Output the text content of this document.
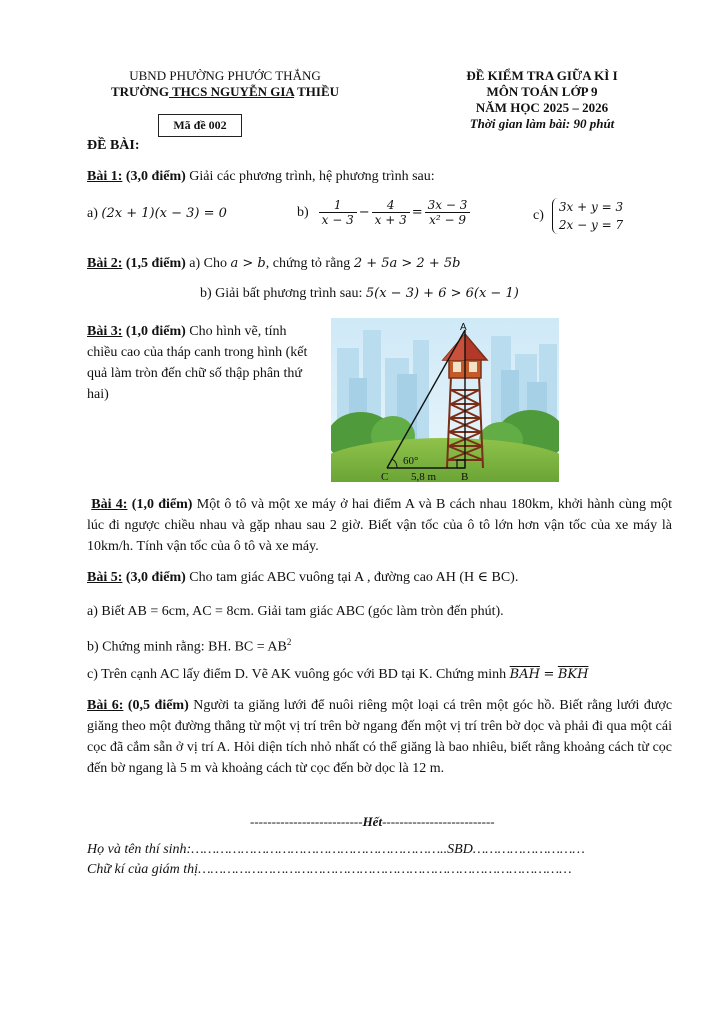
UBND PHƯỜNG PHƯỚC THẮNG
TRƯỜNG THCS NGUYỄN GIA THIỀU
ĐỀ KIỂM TRA GIỮA KÌ I
MÔN TOÁN LỚP 9
NĂM HỌC 2025 – 2026
Thời gian làm bài: 90 phút
Mã đề 002
ĐỀ BÀI:
Bài 1: (3,0 điểm) Giải các phương trình, hệ phương trình sau:
a) (2x + 1)(x − 3) = 0	$b) \frac{1}{x - 3} - \frac{4}{x + 3} = \frac{3x - 3}{\text{x² − 9}}$	c)
3x + y = 3
2x − y = 7
Bài 2: (1,5 điểm) a) Cho a > b, chứng tỏ rằng 2 + 5a > 2 + 5b
b) Giải bất phương trình sau: 5(x − 3) + 6 > 6(x − 1)
Bài 3: (1,0 điểm) Cho hình vẽ, tính chiều cao của tháp canh trong hình (kết quả làm tròn đến chữ số thập phân thứ hai)
A
60°
C 5,8 m B
Bài 4: (1,0 điểm) Một ô tô và một xe máy ở hai điểm A và B cách nhau 180km, khởi hành cùng một lúc đi ngược chiều nhau và gặp nhau sau 2 giờ. Biết vận tốc của ô tô lớn hơn vận tốc của xe máy là 10km/h. Tính vận tốc của ô tô và xe máy.
Bài 5: (3,0 điểm) Cho tam giác ABC vuông tại A , đường cao AH (H ∈ BC).
a) Biết AB = 6cm, AC = 8cm. Giải tam giác ABC (góc làm tròn đến phút).
b) Chứng minh rằng: BH. BC = $AB^2$
c) Trên cạnh AC lấy điểm D. Vẽ AK vuông góc với BD tại K. Chứng minh $\overline{BAH} = \overline{BKH}$
Bài 6: (0,5 điểm) Người ta giăng lưới để nuôi riêng một loại cá trên một góc hồ. Biết rằng lưới được giăng theo một đường thẳng từ một vị trí trên bờ ngang đến một vị trí trên bờ dọc và phải đi qua một cái cọc đã cắm sẵn ở vị trí A. Hỏi diện tích nhỏ nhất có thể giăng là bao nhiêu, biết rằng khoảng cách từ cọc đến bờ ngang là 5 m và khoảng cách từ cọc đến bờ dọc là 12 m.
--------------------------Hết--------------------------
Họ và tên thí sinh:……………………………………………………..SBD………………………
Chữ kí của giám thị………………………………………………………………………………
